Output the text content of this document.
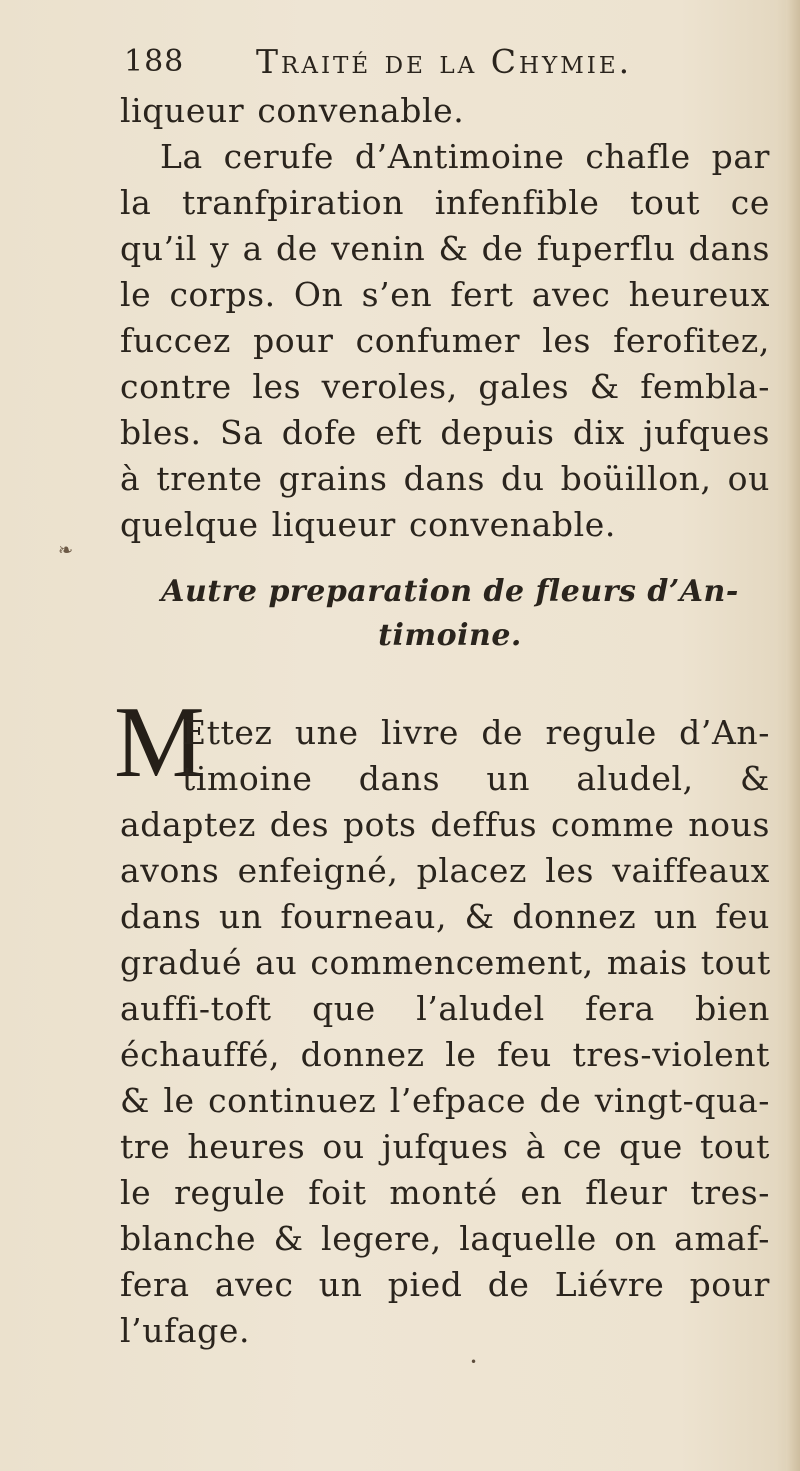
188 Traité de la Chymie.
liqueur convenable.
La cerufe d’Antimoine chafle par
la tranfpiration infenfible tout ce
qu’il y a de venin & de fuperflu dans
le corps. On s’en fert avec heureux
fuccez pour confumer les ferofitez,
contre les veroles, gales & fembla-
bles. Sa dofe eft depuis dix jufques
à trente grains dans du boüillon, ou
quelque liqueur convenable.
❧
Autre preparation de fleurs d’An-
timoine.
M
Ettez une livre de regule d’An-
timoine dans un aludel, &
adaptez des pots deffus comme nous
avons enfeigné, placez les vaiffeaux
dans un fourneau, & donnez un feu
gradué au commencement, mais tout
auffi-toft que l’aludel fera bien
échauffé, donnez le feu tres-violent
& le continuez l’efpace de vingt-qua-
tre heures ou jufques à ce que tout
le regule foit monté en fleur tres-
blanche & legere, laquelle on amaf-
fera avec un pied de Liévre pour
l’ufage.
•
